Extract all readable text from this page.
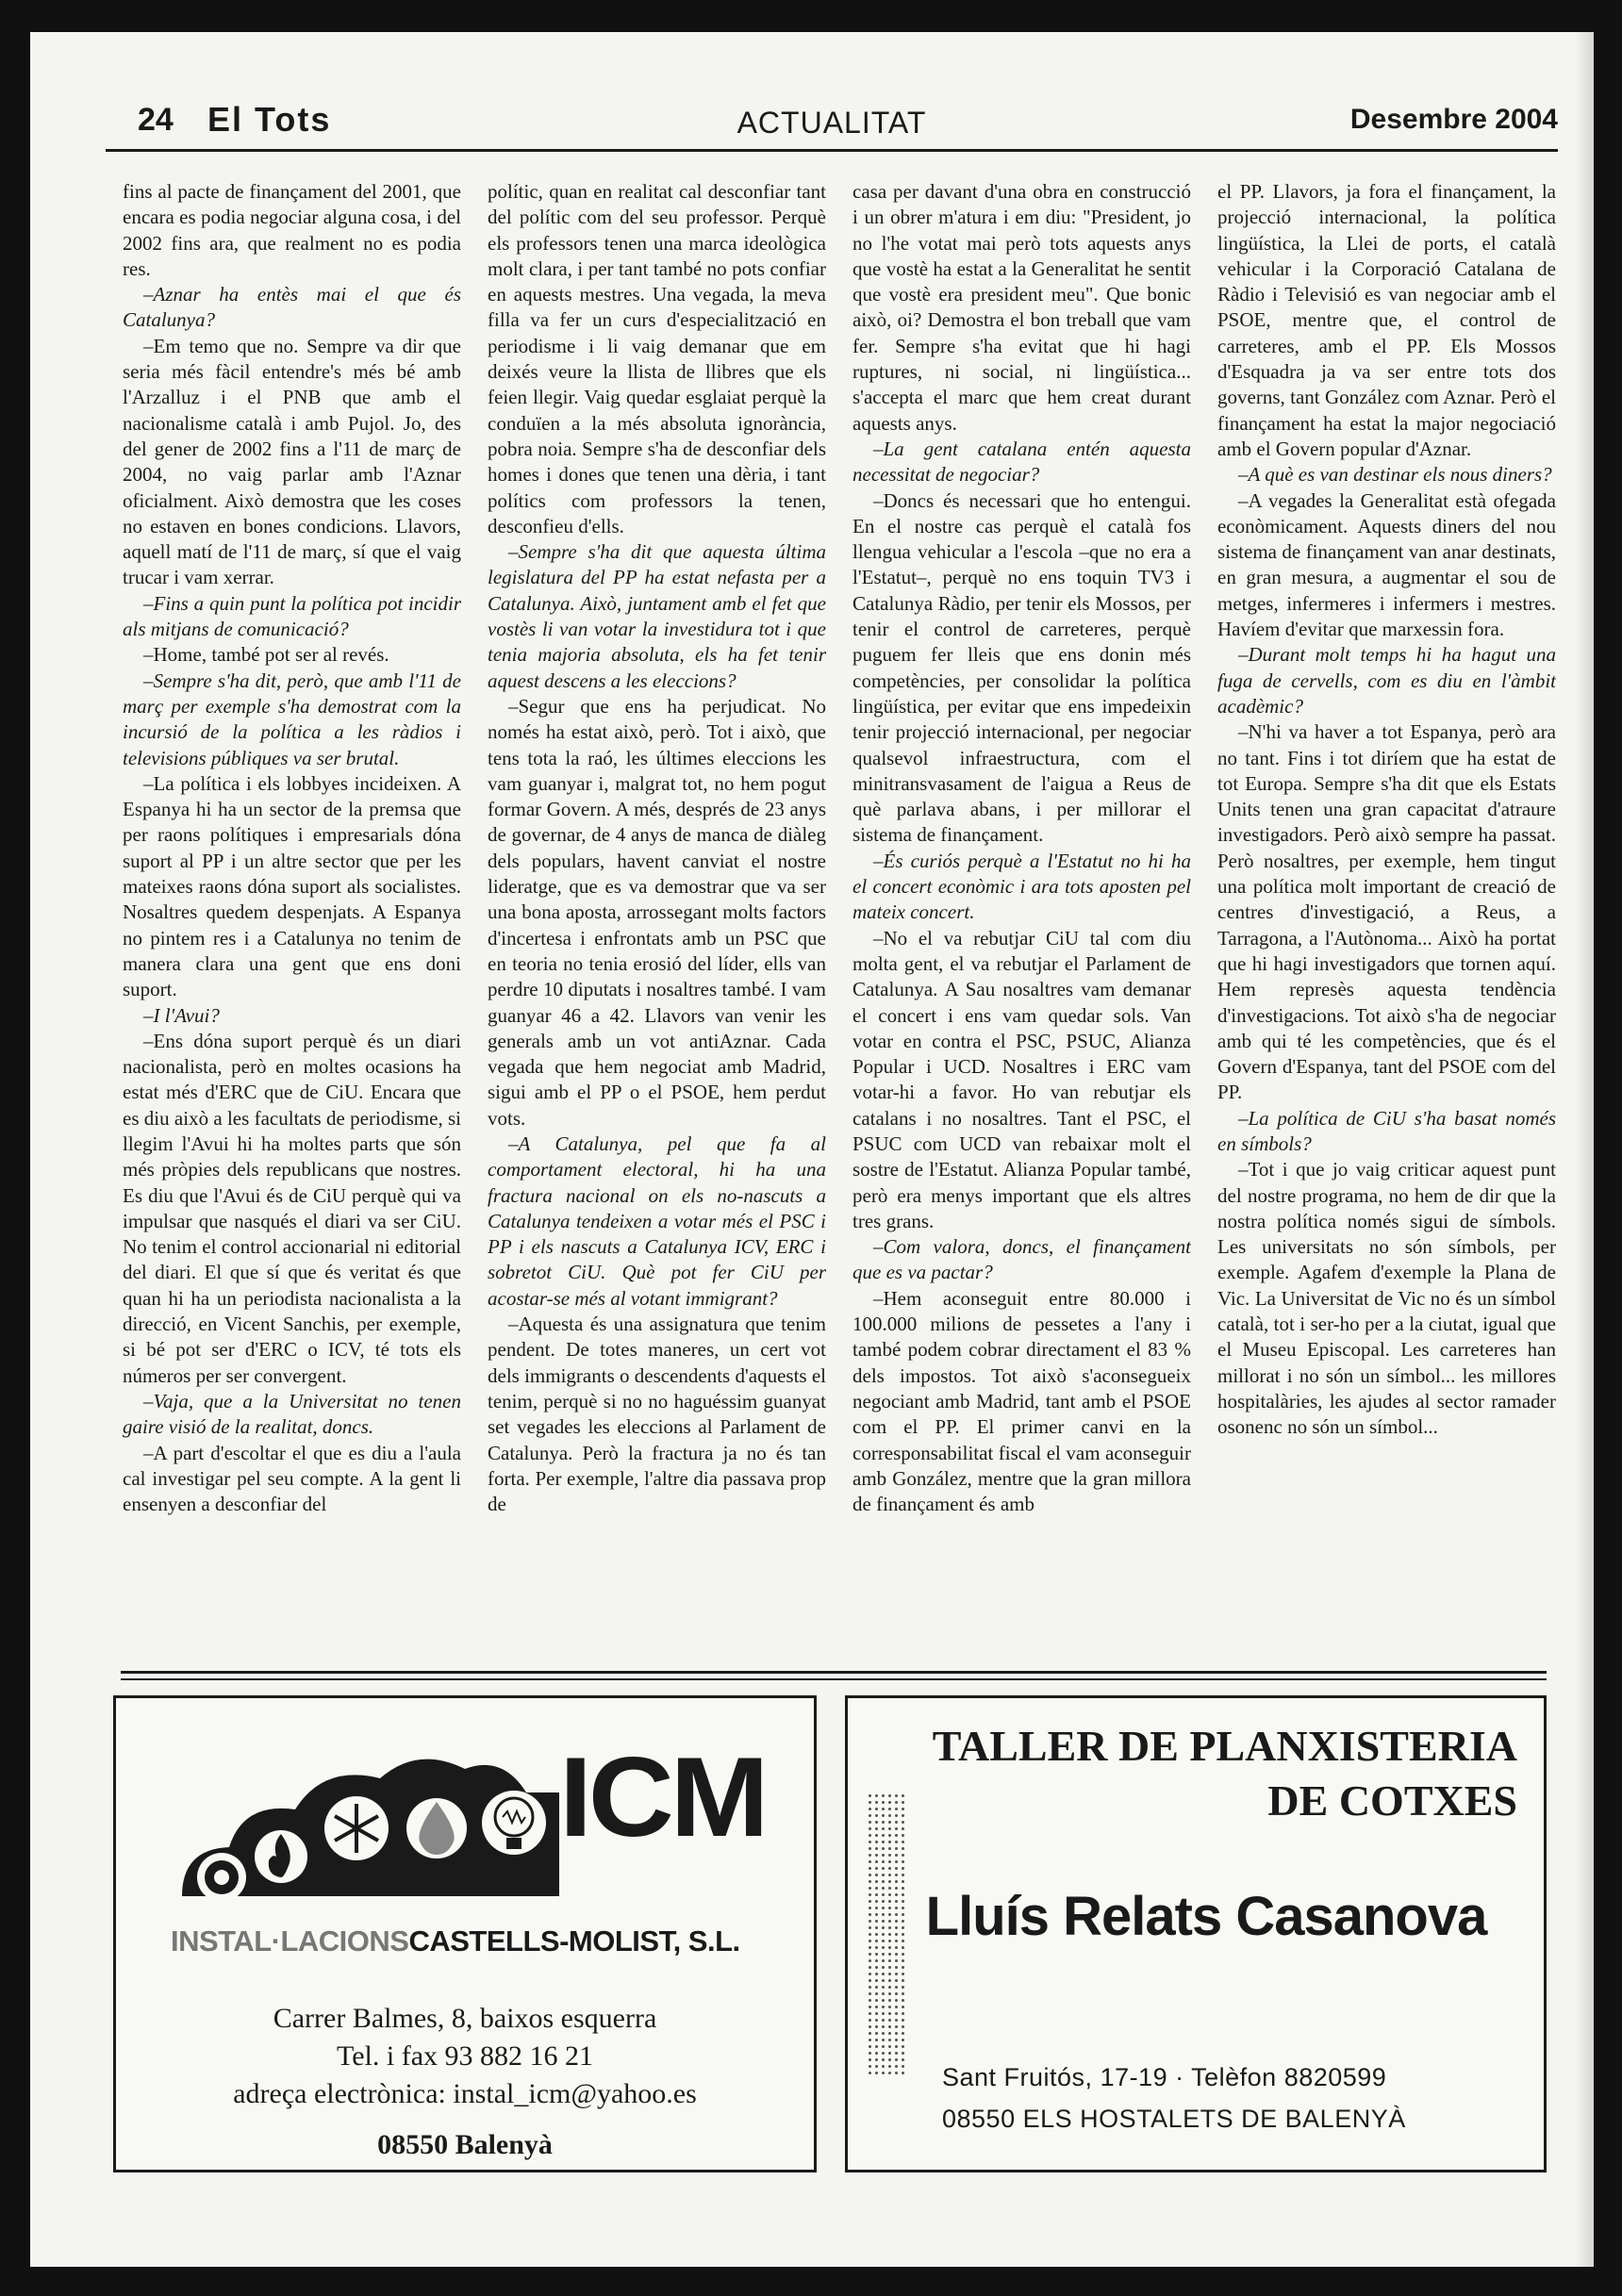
24 El Tots	ACTUALITAT	Desembre 2004

fins al pacte de finançament del 2001, que encara es podia negociar alguna cosa, i del 2002 fins ara, que realment no es podia res.

–Aznar ha entès mai el que és Catalunya?

–Em temo que no. Sempre va dir que seria més fàcil entendre's més bé amb l'Arzalluz i el PNB que amb el nacionalisme català i amb Pujol. Jo, des del gener de 2002 fins a l'11 de març de 2004, no vaig parlar amb l'Aznar oficialment. Això demostra que les coses no estaven en bones condicions. Llavors, aquell matí de l'11 de març, sí que el vaig trucar i vam xerrar.

–Fins a quin punt la política pot incidir als mitjans de comunicació?

–Home, també pot ser al revés.

–Sempre s'ha dit, però, que amb l'11 de març per exemple s'ha demostrat com la incursió de la política a les ràdios i televisions públiques va ser brutal.

–La política i els lobbyes incideixen. A Espanya hi ha un sector de la premsa que per raons polítiques i empresarials dóna suport al PP i un altre sector que per les mateixes raons dóna suport als socialistes. Nosaltres quedem despenjats. A Espanya no pintem res i a Catalunya no tenim de manera clara una gent que ens doni suport.

–I l'Avui?

–Ens dóna suport perquè és un diari nacionalista, però en moltes ocasions ha estat més d'ERC que de CiU. Encara que es diu això a les facultats de periodisme, si llegim l'Avui hi ha moltes parts que són més pròpies dels republicans que nostres. Es diu que l'Avui és de CiU perquè qui va impulsar que nasqués el diari va ser CiU. No tenim el control accionarial ni editorial del diari. El que sí que és veritat és que quan hi ha un periodista nacionalista a la direcció, en Vicent Sanchis, per exemple, si bé pot ser d'ERC o ICV, té tots els números per ser convergent.

–Vaja, que a la Universitat no tenen gaire visió de la realitat, doncs.

–A part d'escoltar el que es diu a l'aula cal investigar pel seu compte. A la gent li ensenyen a desconfiar del

polític, quan en realitat cal desconfiar tant del polític com del seu professor. Perquè els professors tenen una marca ideològica molt clara, i per tant també no pots confiar en aquests mestres. Una vegada, la meva filla va fer un curs d'especialització en periodisme i li vaig demanar que em deixés veure la llista de llibres que els feien llegir. Vaig quedar esglaiat perquè la conduïen a la més absoluta ignorància, pobra noia. Sempre s'ha de desconfiar dels homes i dones que tenen una dèria, i tant polítics com professors la tenen, desconfieu d'ells.

–Sempre s'ha dit que aquesta última legislatura del PP ha estat nefasta per a Catalunya. Això, juntament amb el fet que vostès li van votar la investidura tot i que tenia majoria absoluta, els ha fet tenir aquest descens a les eleccions?

–Segur que ens ha perjudicat. No només ha estat això, però. Tot i això, que tens tota la raó, les últimes eleccions les vam guanyar i, malgrat tot, no hem pogut formar Govern. A més, després de 23 anys de governar, de 4 anys de manca de diàleg dels populars, havent canviat el nostre lideratge, que es va demostrar que va ser una bona aposta, arrossegant molts factors d'incertesa i enfrontats amb un PSC que en teoria no tenia erosió del líder, ells van perdre 10 diputats i nosaltres també. I vam guanyar 46 a 42. Llavors van venir les generals amb un vot antiAznar. Cada vegada que hem negociat amb Madrid, sigui amb el PP o el PSOE, hem perdut vots.

–A Catalunya, pel que fa al comportament electoral, hi ha una fractura nacional on els no-nascuts a Catalunya tendeixen a votar més el PSC i PP i els nascuts a Catalunya ICV, ERC i sobretot CiU. Què pot fer CiU per acostar-se més al votant immigrant?

–Aquesta és una assignatura que tenim pendent. De totes maneres, un cert vot dels immigrants o descendents d'aquests el tenim, perquè si no no haguéssim guanyat set vegades les eleccions al Parlament de Catalunya. Però la fractura ja no és tan forta. Per exemple, l'altre dia passava prop de

casa per davant d'una obra en construcció i un obrer m'atura i em diu: "President, jo no l'he votat mai però tots aquests anys que vostè ha estat a la Generalitat he sentit que vostè era president meu". Que bonic això, oi? Demostra el bon treball que vam fer. Sempre s'ha evitat que hi hagi ruptures, ni social, ni lingüística... s'accepta el marc que hem creat durant aquests anys.

–La gent catalana entén aquesta necessitat de negociar?

–Doncs és necessari que ho entengui. En el nostre cas perquè el català fos llengua vehicular a l'escola –que no era a l'Estatut–, perquè no ens toquin TV3 i Catalunya Ràdio, per tenir els Mossos, per tenir el control de carreteres, perquè puguem fer lleis que ens donin més competències, per consolidar la política lingüística, per evitar que ens impedeixin tenir projecció internacional, per negociar qualsevol infraestructura, com el minitransvasament de l'aigua a Reus de què parlava abans, i per millorar el sistema de finançament.

–És curiós perquè a l'Estatut no hi ha el concert econòmic i ara tots aposten pel mateix concert.

–No el va rebutjar CiU tal com diu molta gent, el va rebutjar el Parlament de Catalunya. A Sau nosaltres vam demanar el concert i ens vam quedar sols. Van votar en contra el PSC, PSUC, Alianza Popular i UCD. Nosaltres i ERC vam votar-hi a favor. Ho van rebutjar els catalans i no nosaltres. Tant el PSC, el PSUC com UCD van rebaixar molt el sostre de l'Estatut. Alianza Popular també, però era menys important que els altres tres grans.

–Com valora, doncs, el finançament que es va pactar?

–Hem aconseguit entre 80.000 i 100.000 milions de pessetes a l'any i també podem cobrar directament el 83 % dels impostos. Tot això s'aconsegueix negociant amb Madrid, tant amb el PSOE com el PP. El primer canvi en la corresponsabilitat fiscal el vam aconseguir amb González, mentre que la gran millora de finançament és amb

el PP. Llavors, ja fora el finançament, la projecció internacional, la política lingüística, la Llei de ports, el català vehicular i la Corporació Catalana de Ràdio i Televisió es van negociar amb el PSOE, mentre que, el control de carreteres, amb el PP. Els Mossos d'Esquadra ja va ser entre tots dos governs, tant González com Aznar. Però el finançament ha estat la major negociació amb el Govern popular d'Aznar.

–A què es van destinar els nous diners?

–A vegades la Generalitat està ofegada econòmicament. Aquests diners del nou sistema de finançament van anar destinats, en gran mesura, a augmentar el sou de metges, infermeres i infermers i mestres. Havíem d'evitar que marxessin fora.

–Durant molt temps hi ha hagut una fuga de cervells, com es diu en l'àmbit acadèmic?

–N'hi va haver a tot Espanya, però ara no tant. Fins i tot diríem que ha estat de tot Europa. Sempre s'ha dit que els Estats Units tenen una gran capacitat d'atraure investigadors. Però això sempre ha passat. Però nosaltres, per exemple, hem tingut una política molt important de creació de centres d'investigació, a Reus, a Tarragona, a l'Autònoma... Això ha portat que hi hagi investigadors que tornen aquí. Hem represès aquesta tendència d'investigacions. Tot això s'ha de negociar amb qui té les competències, que és el Govern d'Espanya, tant del PSOE com del PP.

–La política de CiU s'ha basat només en símbols?

–Tot i que jo vaig criticar aquest punt del nostre programa, no hem de dir que la nostra política només sigui de símbols. Les universitats no són símbols, per exemple. Agafem d'exemple la Plana de Vic. La Universitat de Vic no és un símbol català, tot i ser-ho per a la ciutat, igual que el Museu Episcopal. Les carreteres han millorat i no són un símbol... les millores hospitalàries, les ajudes al sector ramader osonenc no són un símbol...

ICM
INSTAL·LACIONSCASTELLS-MOLIST, S.L.
Carrer Balmes, 8, baixos esquerra
Tel. i fax 93 882 16 21
adreça electrònica: instal_icm@yahoo.es
08550 Balenyà
TALLER DE PLANXISTERIA
DE COTXES
Lluís Relats Casanova
Sant Fruitós, 17-19 · Telèfon 8820599
08550 ELS HOSTALETS DE BALENYÀ
